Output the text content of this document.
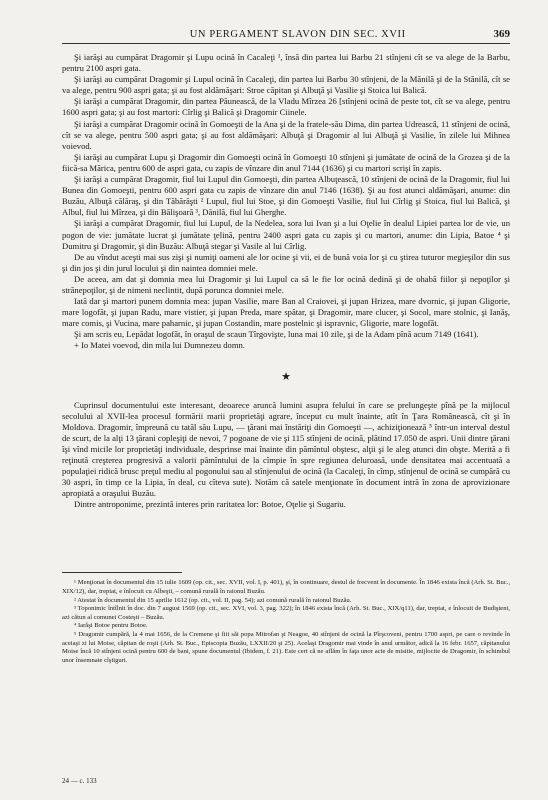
UN PERGAMENT SLAVON DIN SEC. XVII	369

Şi iarăşi au cumpărat Dragomir şi Lupu ocină în Cacaleţi ¹, însă din partea lui Barbu 21 stînjeni cît se va alege de la Barbu, pentru 2100 aspri gata.

Şi iarăşi au cumpărat Dragomir şi Lupul ocină în Cacaleţi, din partea lui Barbu 30 stînjeni, de la Mănilă şi de la Stănilă, cît se va alege, pentru 900 aspri gata; şi au fost aldămăşari: Stroe căpitan şi Albuţă şi Vasilie şi Stoica lui Balică.

Şi iarăşi a cumpărat Dragomir, din partea Păunească, de la Vladu Mîrzea 26 [stînjeni ocină de peste tot, cît se va alege, pentru 1600 aspri gata; şi au fost martori: Cîrlig şi Balică şi Dragomir Ciinele.

Şi iarăşi a cumpărat Dragomir ocină în Gomoeşti de la Ana şi de la fratele-său Dima, din partea Udreascâ, 11 stînjeni de ocină, cît se va alege, pentru 500 aspri gata; şi au fost aldămăşari: Albuţă şi Dragomir al lui Albuţă şi Vasilie, în zilele lui Mihnea voievod.

Şi iarăşi au cumpărat Lupu şi Dragomir din Gomoeşti ocină în Gomoeşti 10 stînjeni şi jumătate de ocină de la Grozea şi de la fiică-sa Mărica, pentru 600 de aspri gata, cu zapis de vînzare din anul 7144 (1636) şi cu martori scrişi în zapis.

Şi iarăşi a cumpărat Dragomir, fiul lui Lupul din Gomoeşti, din partea Albuţească, 10 stînjeni de ocină de la Dragomir, fiul lui Bunea din Gomoeşti, pentru 600 aspri gata cu zapis de vînzare din anul 7146 (1638). Şi au fost atunci aldămăşari, anume: din Buzău, Albuţă călăraş, şi din Tăbărăşti ² Lupul, fiul lui Stoe, şi din Gomoeşti Vasilie, fiul lui Cîrlig şi Stoica, fiul lui Balică, şi Albul, fiul lui Mîrzea, şi din Bălişoară ³, Dănilă, fiul lui Gherghe.

Şi iarăşi a cumpărat Dragomir, fiul lui Lupul, de la Nedelea, sora lui Ivan şi a lui Oţelie în dealul Lipiei partea lor de vie, un pogon de vie: jumătate lucrat şi jumătate ţelină, pentru 2400 aspri gata cu zapis şi cu martori, anume: din Lipia, Batoe ⁴ şi Dumitru şi Dragomir, şi din Buzău: Albuţă stegar şi Vasile al lui Cîrlig.

De au vîndut aceşti mai sus zişi şi numiţi oameni ale lor ocine şi vii, ei de bună voia lor şi cu ştirea tuturor megieşilor din sus şi din jos şi din jurul locului şi din naintea domniei mele.

De aceea, am dat şi domnia mea lui Dragomir şi lui Lupul ca să le fie lor ocină dedină şi de ohabă fiilor şi nepoţilor şi strănepoţilor, şi de nimeni neclintit, după porunca domniei mele.

Iată dar şi martori punem domnia mea: jupan Vasilie, mare Ban al Craiovei, şi jupan Hrizea, mare dvornic, şi jupan Gligorie, mare logofăt, şi jupan Radu, mare vistier, şi jupan Preda, mare spătar, şi Dragomir, mare clucer, şi Socol, mare stolnic, şi Ianăş, mare comis, şi Vucina, mare paharnic, şi jupan Costandin, mare postelnic şi ispravnic, Gligorie, mare logofăt.

Şi am scris eu, Lepădat logofăt, în oraşul de scaun Tîrgovişte, luna mai 10 zile, şi de la Adam pînă acum 7149 (1641).

+ Io Matei voevod, din mila lui Dumnezeu domn.

★

Cuprinsul documentului este interesant, deoarece aruncă lumini asupra felului în care se prelungeşte pînă pe la mijlocul secolului al XVII-lea procesul formării marii proprietăţi agrare, început cu mult înainte, atît în Ţara Românească, cît şi în Moldova. Dragomir, împreună cu tatăl său Lupu, — ţărani mai înstăriţi din Gomoeşti —, achiziţionează ⁵ într-un interval destul de scurt, de la alţi 13 ţărani copleşiţi de nevoi, 7 pogoane de vie şi 115 stînjeni de ocină, plătind 17.050 de aspri. Unii dintre ţărani îşi vînd micile lor proprietăţi individuale, desprinse mai înainte din pămîntul obştesc, alţii şi le aleg atunci din obşte. Merită a fi reţinută creşterea progresivă a valorii pămîntului de la cîmpie în spre regiunea deluroasă, unde densitatea mai accentuată a populaţiei ridică brusc preţul mediu al pogonului sau al stînjenului de ocină (la Cacaleţi, în cîmp, stînjenul de ocină se cumpără cu 30 aspri, în timp ce la Lipia, în deal, cu cîteva sute). Notăm că satele menţionate în document intră în zona de aprovizionare apropiată a oraşului Buzău.

Dintre antroponime, prezintă interes prin raritatea lor: Botoe, Oţelie şi Sugariu.

¹ Menţionat în documentul din 15 iulie 1609 (op. cit., sec. XVII, vol. I, p. 401), şi, în continuare, destul de frecvent în documente. În 1846 exista încă (Arh. St. Buc., XIX/12), dar, treptat, e înlocuit cu Albeşti, – comună rurală în raionul Buzău.

² Atestat în documentul din 15 aprilie 1612 (op. cit., vol. II, pag. 54); azi comună rurală în raionul Buzău.

³ Toponimic întîlnit în doc. din 7 august 1569 (op. cit., sec. XVI, vol. 3, pag. 322); în 1846 exista încă (Arh. St. Buc., XIX/q11), dar, treptat, e înlocuit de Budişteni, azi cătun al comunei Costeşti – Buzău.

⁴ Iarăşi Botoe pentru Botoe.

⁵ Dragomir cumpără, la 4 mai 1656, de la Cremene şi fiii săi popa Mitrofan şi Neagoe, 40 stînjeni de ocină la Pîrşcoveni, pentru 1700 aspri, pe care o revinde în aceiaşi zi lui Moise, căpitan de roşii (Arh. St. Buc., Episcopia Buzău, LXXII/20 şi 25). Acelaşi Dragomir mai vinde în anul următor, adică la 16 febr. 1657, căpitanului Moise încă 10 stînjeni ocină pentru 600 de bani, spune documentul (Ibidem, f. 21). Este cert că ne aflăm în faţa unor acte de misitie, mijlocite de Dragomir, în schimbul unor însemnate cîştiguri.

24 — c. 133
